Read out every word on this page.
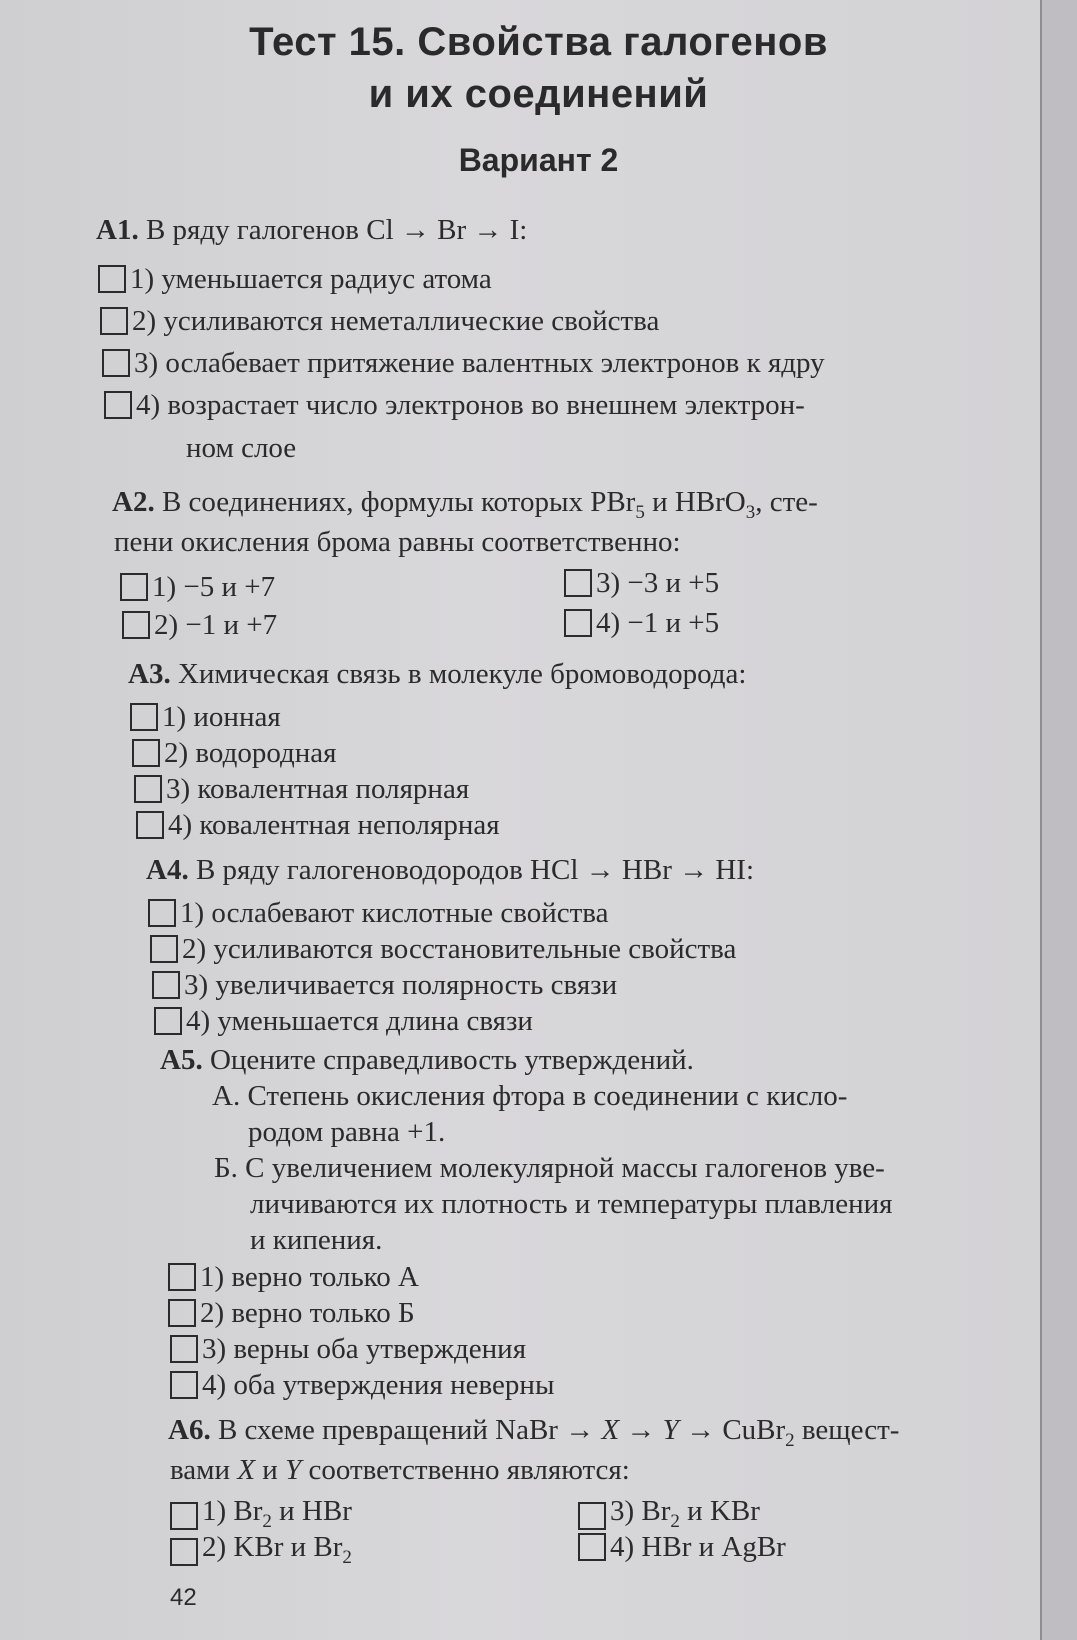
Тест 15. Свойства галогенов
и их соединений
Вариант 2
А1. В ряду галогенов Cl → Br → I:
1) уменьшается радиус атома
2) усиливаются неметаллические свойства
3) ослабевает притяжение валентных электронов к ядру
4) возрастает число электронов во внешнем электрон-
ном слое
А2. В соединениях, формулы которых PBr$_5$ и HBrO$_3$, сте-
пени окисления брома равны соответственно:
1) −5 и +7
2) −1 и +7
3) −3 и +5
4) −1 и +5
А3. Химическая связь в молекуле бромоводорода:
1) ионная
2) водородная
3) ковалентная полярная
4) ковалентная неполярная
А4. В ряду галогеноводородов HCl → HBr → HI:
1) ослабевают кислотные свойства
2) усиливаются восстановительные свойства
3) увеличивается полярность связи
4) уменьшается длина связи
А5. Оцените справедливость утверждений.
А. Степень окисления фтора в соединении с кисло-
родом равна +1.
Б. С увеличением молекулярной массы галогенов уве-
личиваются их плотность и температуры плавления
и кипения.
1) верно только А
2) верно только Б
3) верны оба утверждения
4) оба утверждения неверны
А6. В схеме превращений NaBr → X → Y → CuBr$_2$ вещест-
вами X и Y соответственно являются:
1) $Br_2$ и HBr
2) KBr и $Br_2$
3) $Br_2$ и KBr
4) HBr и AgBr
42
